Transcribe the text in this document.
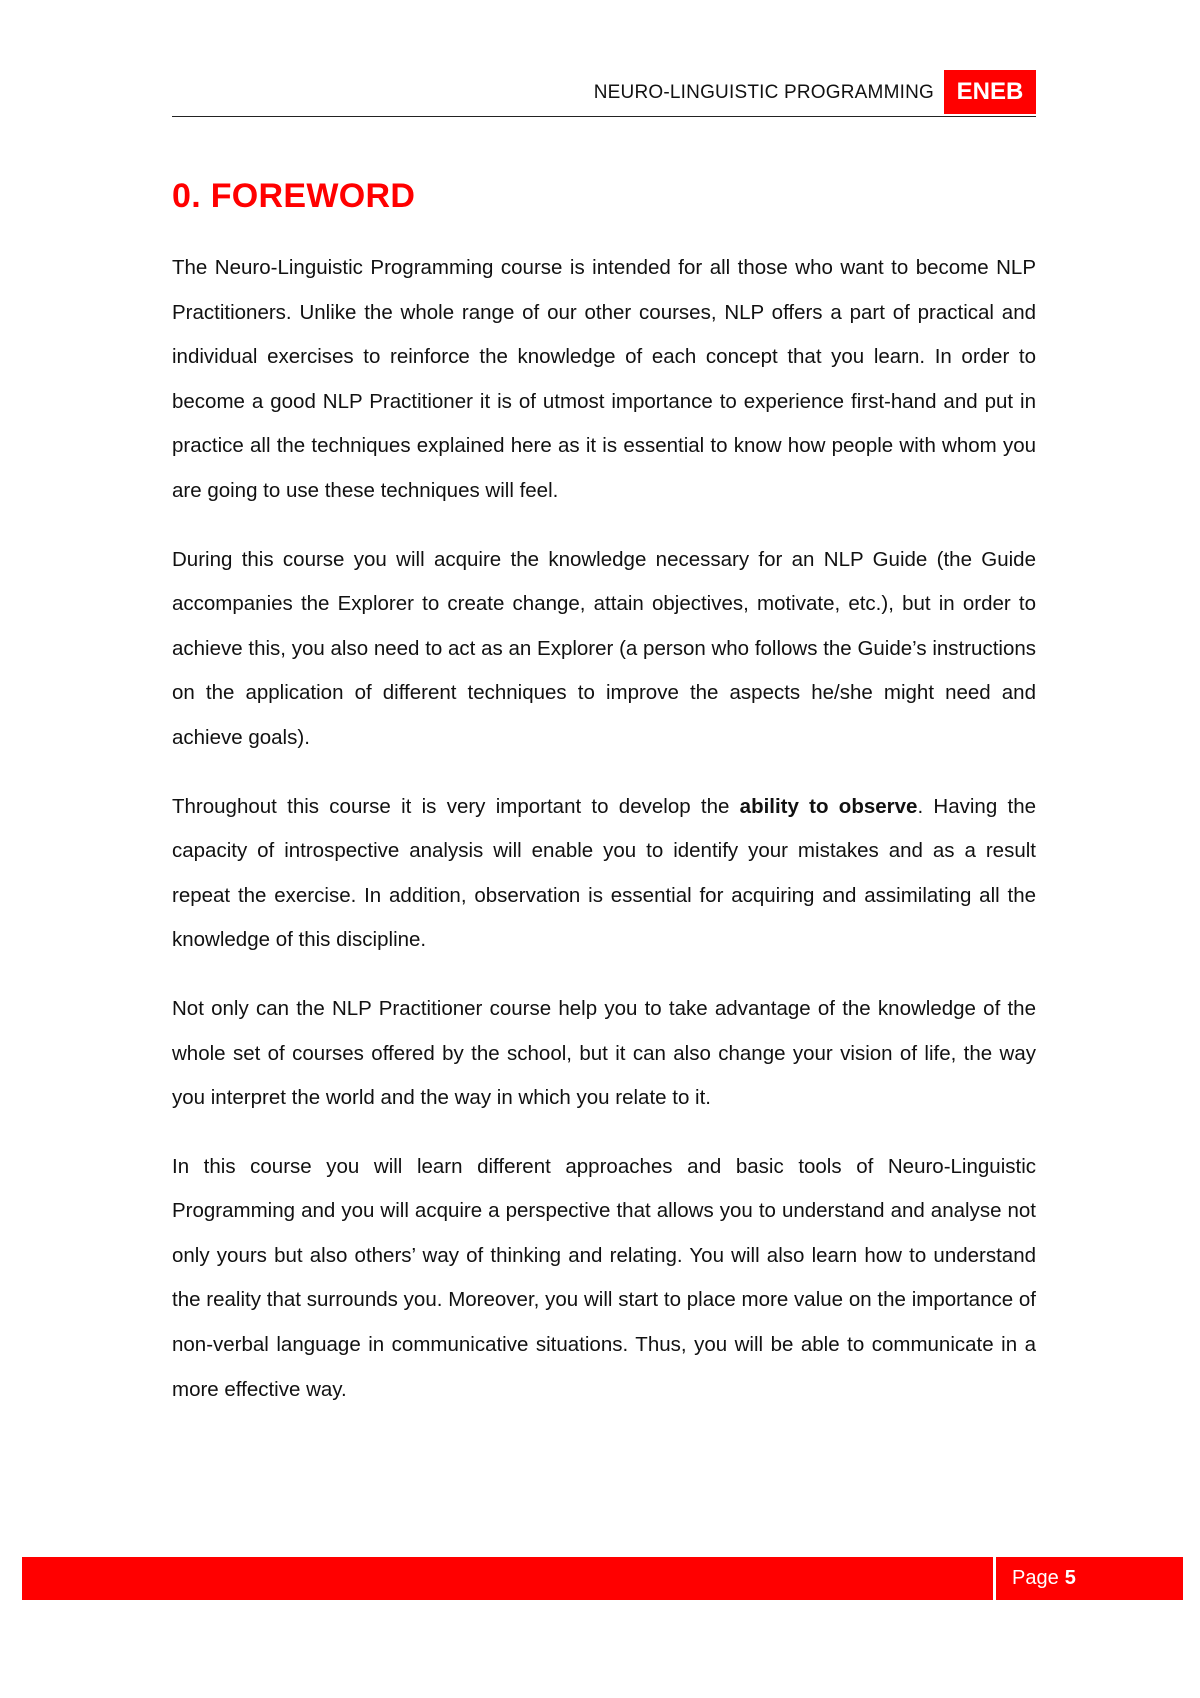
NEURO-LINGUISTIC PROGRAMMING ENEB
0. FOREWORD

The Neuro-Linguistic Programming course is intended for all those who want to become NLP Practitioners. Unlike the whole range of our other courses, NLP offers a part of practical and individual exercises to reinforce the knowledge of each concept that you learn. In order to become a good NLP Practitioner it is of utmost importance to experience first-hand and put in practice all the techniques explained here as it is essential to know how people with whom you are going to use these techniques will feel.

During this course you will acquire the knowledge necessary for an NLP Guide (the Guide accompanies the Explorer to create change, attain objectives, motivate, etc.), but in order to achieve this, you also need to act as an Explorer (a person who follows the Guide’s instructions on the application of different techniques to improve the aspects he/she might need and achieve goals).

Throughout this course it is very important to develop the ability to observe. Having the capacity of introspective analysis will enable you to identify your mistakes and as a result repeat the exercise. In addition, observation is essential for acquiring and assimilating all the knowledge of this discipline.

Not only can the NLP Practitioner course help you to take advantage of the knowledge of the whole set of courses offered by the school, but it can also change your vision of life, the way you interpret the world and the way in which you relate to it.

In this course you will learn different approaches and basic tools of Neuro-Linguistic Programming and you will acquire a perspective that allows you to understand and analyse not only yours but also others’ way of thinking and relating. You will also learn how to understand the reality that surrounds you. Moreover, you will start to place more value on the importance of non-verbal language in communicative situations. Thus, you will be able to communicate in a more effective way.

Page 5
